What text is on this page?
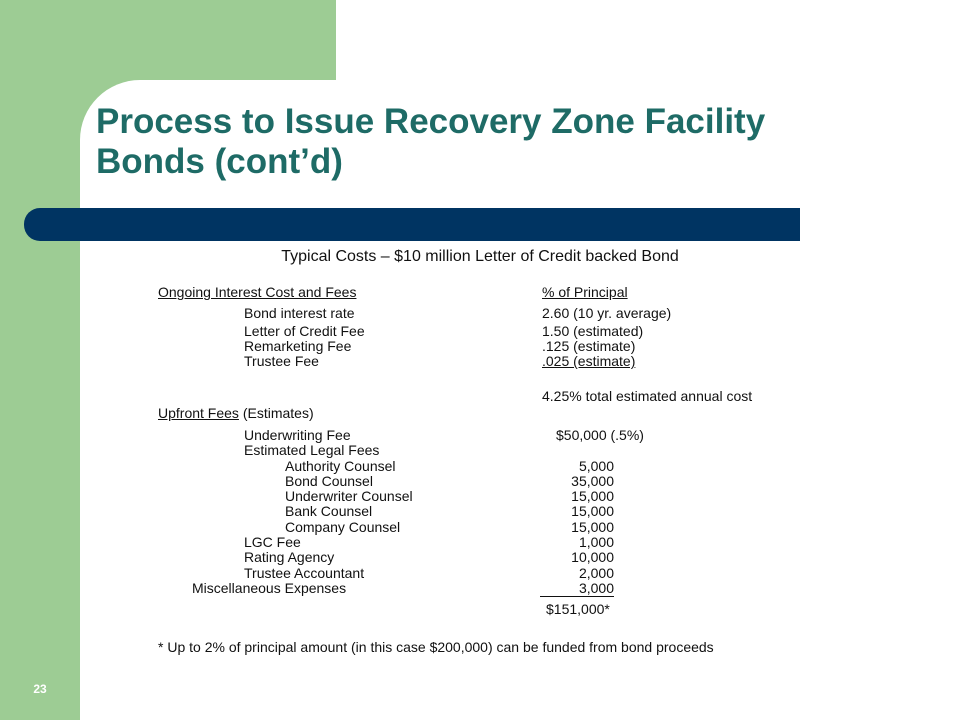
Process to Issue Recovery Zone Facility Bonds (cont’d)
23
Typical Costs – $10 million Letter of Credit backed Bond
Ongoing Interest Cost and Fees	% of Principal
Bond interest rate	2.60 (10 yr. average)
Letter of Credit Fee	1.50 (estimated)
Remarketing Fee	.125 (estimate)
Trustee Fee	.025 (estimate)
4.25% total estimated annual cost
Upfront Fees (Estimates)
Underwriting Fee	$50,000 (.5%)
Estimated Legal Fees
Authority Counsel	5,000
Bond Counsel	35,000
Underwriter Counsel	15,000
Bank Counsel	15,000
Company Counsel	15,000
LGC Fee	1,000
Rating Agency	10,000
Trustee Accountant	2,000
Miscellaneous Expenses	3,000
$151,000*
* Up to 2% of principal amount (in this case $200,000) can be funded from bond proceeds
